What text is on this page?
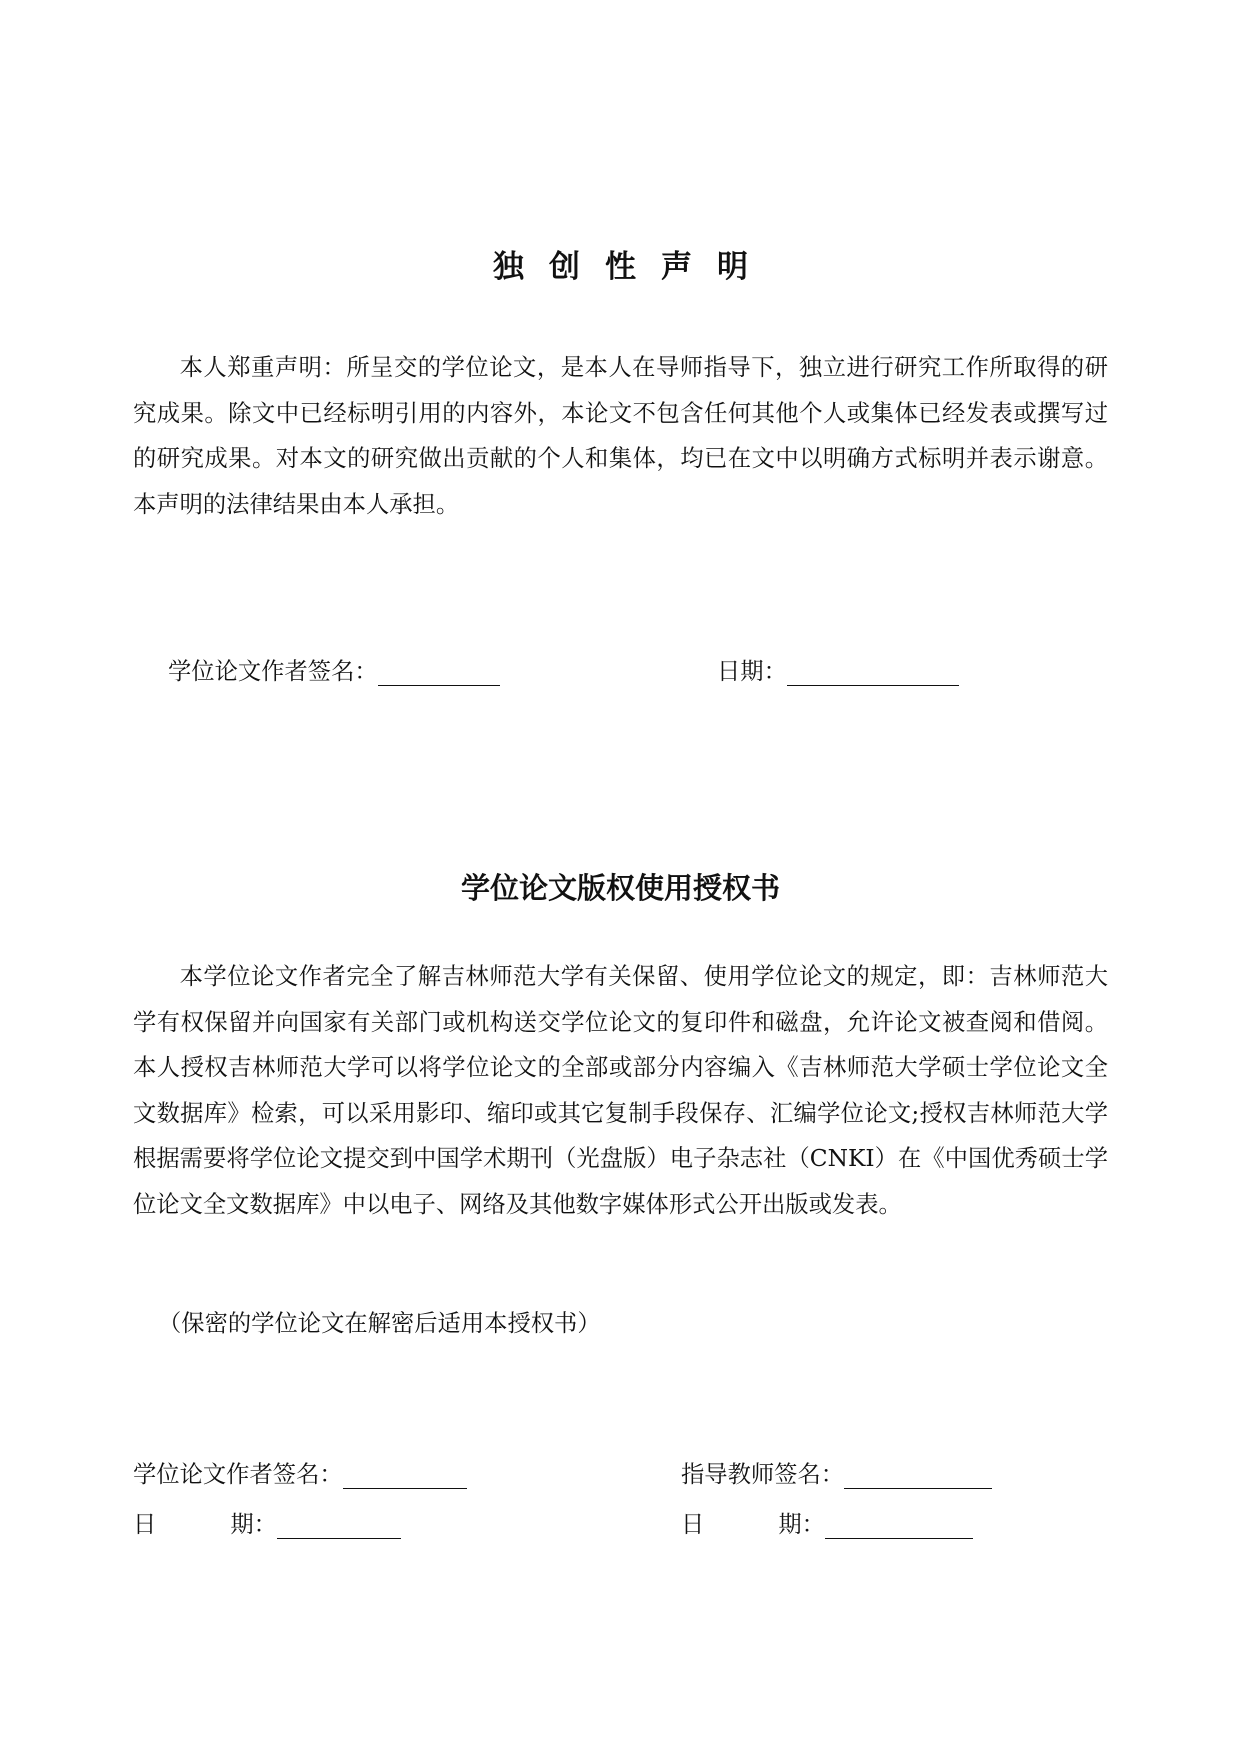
独创性声明

本人郑重声明：所呈交的学位论文，是本人在导师指导下，独立进行研究工作所取得的研究成果。除文中已经标明引用的内容外，本论文不包含任何其他个人或集体已经发表或撰写过的研究成果。对本文的研究做出贡献的个人和集体，均已在文中以明确方式标明并表示谢意。本声明的法律结果由本人承担。

学位论文作者签名：	日期：
学位论文版权使用授权书

本学位论文作者完全了解吉林师范大学有关保留、使用学位论文的规定，即：吉林师范大学有权保留并向国家有关部门或机构送交学位论文的复印件和磁盘，允许论文被查阅和借阅。本人授权吉林师范大学可以将学位论文的全部或部分内容编入《吉林师范大学硕士学位论文全文数据库》检索，可以采用影印、缩印或其它复制手段保存、汇编学位论文;授权吉林师范大学根据需要将学位论文提交到中国学术期刊（光盘版）电子杂志社（CNKI）在《中国优秀硕士学位论文全文数据库》中以电子、网络及其他数字媒体形式公开出版或发表。

（保密的学位论文在解密后适用本授权书）
学位论文作者签名：	指导教师签名：
日          期：	日          期：
